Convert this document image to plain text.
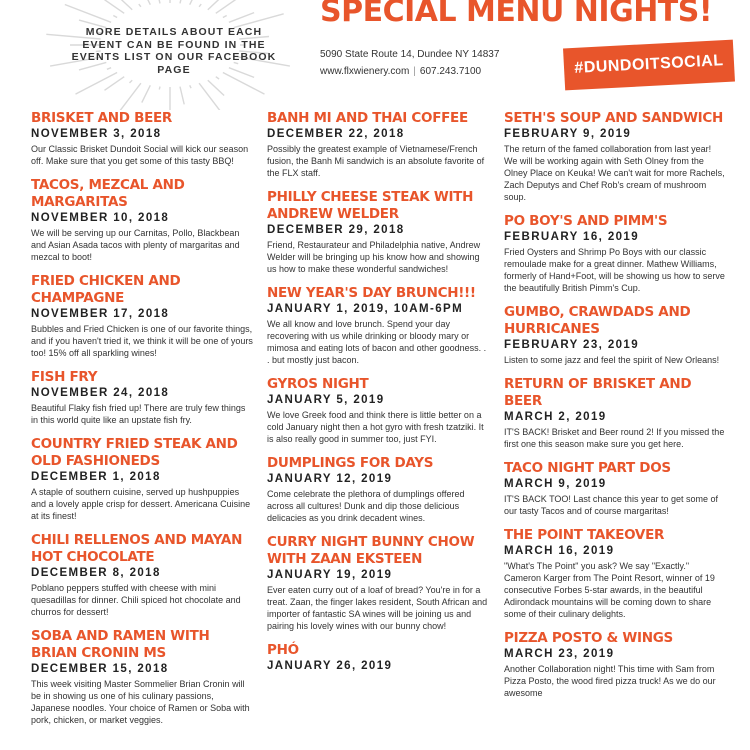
MORE DETAILS ABOUT EACH EVENT CAN BE FOUND IN THE EVENTS LIST ON OUR FACEBOOK PAGE
SPECIAL MENU NIGHTS!
5090 State Route 14, Dundee NY 14837
www.flxwienery.com | 607.243.7100	#DUNDOITSOCIAL
BRISKET AND BEER
NOVEMBER 3, 2018
Our Classic Brisket Dundoit Social will kick our season off. Make sure that you get some of this tasty BBQ!
TACOS, MEZCAL AND MARGARITAS
NOVEMBER 10, 2018
We will be serving up our Carnitas, Pollo, Blackbean and Asian Asada tacos with plenty of margaritas and mezcal to boot!
FRIED CHICKEN AND CHAMPAGNE
NOVEMBER 17, 2018
Bubbles and Fried Chicken is one of our favorite things, and if you haven't tried it, we think it will be one of yours too! 15% off all sparkling wines!
FISH FRY
NOVEMBER 24, 2018
Beautiful Flaky fish fried up! There are truly few things in this world quite like an upstate fish fry.
COUNTRY FRIED STEAK AND OLD FASHIONEDS
DECEMBER 1, 2018
A staple of southern cuisine, served up hushpuppies and a lovely apple crisp for dessert. Americana Cuisine at its finest!
CHILI RELLENOS AND MAYAN HOT CHOCOLATE
DECEMBER 8, 2018
Poblano peppers stuffed with cheese with mini quesadillas for dinner. Chili spiced hot chocolate and churros for dessert!
SOBA AND RAMEN WITH BRIAN CRONIN MS
DECEMBER 15, 2018
This week visiting Master Sommelier Brian Cronin will be in showing us one of his culinary passions, Japanese noodles. Your choice of Ramen or Soba with pork, chicken, or market veggies.
BANH MI AND THAI COFFEE
DECEMBER 22, 2018
Possibly the greatest example of Vietnamese/French fusion, the Banh Mi sandwich is an absolute favorite of the FLX staff.
PHILLY CHEESE STEAK WITH ANDREW WELDER
DECEMBER 29, 2018
Friend, Restaurateur and Philadelphia native, Andrew Welder will be bringing up his know how and showing us how to make these wonderful sandwiches!
NEW YEAR'S DAY BRUNCH!!!
JANUARY 1, 2019, 10AM-6PM
We all know and love brunch. Spend your day recovering with us while drinking or bloody mary or mimosa and eating lots of bacon and other goodness. . . but mostly just bacon.
GYROS NIGHT
JANUARY 5, 2019
We love Greek food and think there is little better on a cold January night then a hot gyro with fresh tzatziki. It is also really good in summer too, just FYI.
DUMPLINGS FOR DAYS
JANUARY 12, 2019
Come celebrate the plethora of dumplings offered across all cultures! Dunk and dip those delicious delicacies as you drink decadent wines.
CURRY NIGHT BUNNY CHOW WITH ZAAN EKSTEEN
JANUARY 19, 2019
Ever eaten curry out of a loaf of bread? You're in for a treat. Zaan, the finger lakes resident, South African and importer of fantastic SA wines will be joining us and pairing his lovely wines with our bunny chow!
PHÓ
JANUARY 26, 2019
SETH'S SOUP AND SANDWICH
FEBRUARY 9, 2019
The return of the famed collaboration from last year! We will be working again with Seth Olney from the Olney Place on Keuka! We can't wait for more Rachels, Zach Deputys and Chef Rob's cream of mushroom soup.
PO BOY'S AND PIMM'S
FEBRUARY 16, 2019
Fried Oysters and Shrimp Po Boys with our classic remoulade make for a great dinner. Mathew Williams, formerly of Hand+Foot, will be showing us how to serve the beautifully British Pimm's Cup.
GUMBO, CRAWDADS AND HURRICANES
FEBRUARY 23, 2019
Listen to some jazz and feel the spirit of New Orleans!
RETURN OF BRISKET AND BEER
MARCH 2, 2019
IT'S BACK! Brisket and Beer round 2! If you missed the first one this season make sure you get here.
TACO NIGHT PART DOS
MARCH 9, 2019
IT'S BACK TOO! Last chance this year to get some of our tasty Tacos and of course margaritas!
THE POINT TAKEOVER
MARCH 16, 2019
"What's The Point" you ask? We say "Exactly." Cameron Karger from The Point Resort, winner of 19 consecutive Forbes 5-star awards, in the beautiful Adirondack mountains will be coming down to share some of their culinary delights.
PIZZA POSTO & WINGS
MARCH 23, 2019
Another Collaboration night! This time with Sam from Pizza Posto, the wood fired pizza truck! As we do our awesome
